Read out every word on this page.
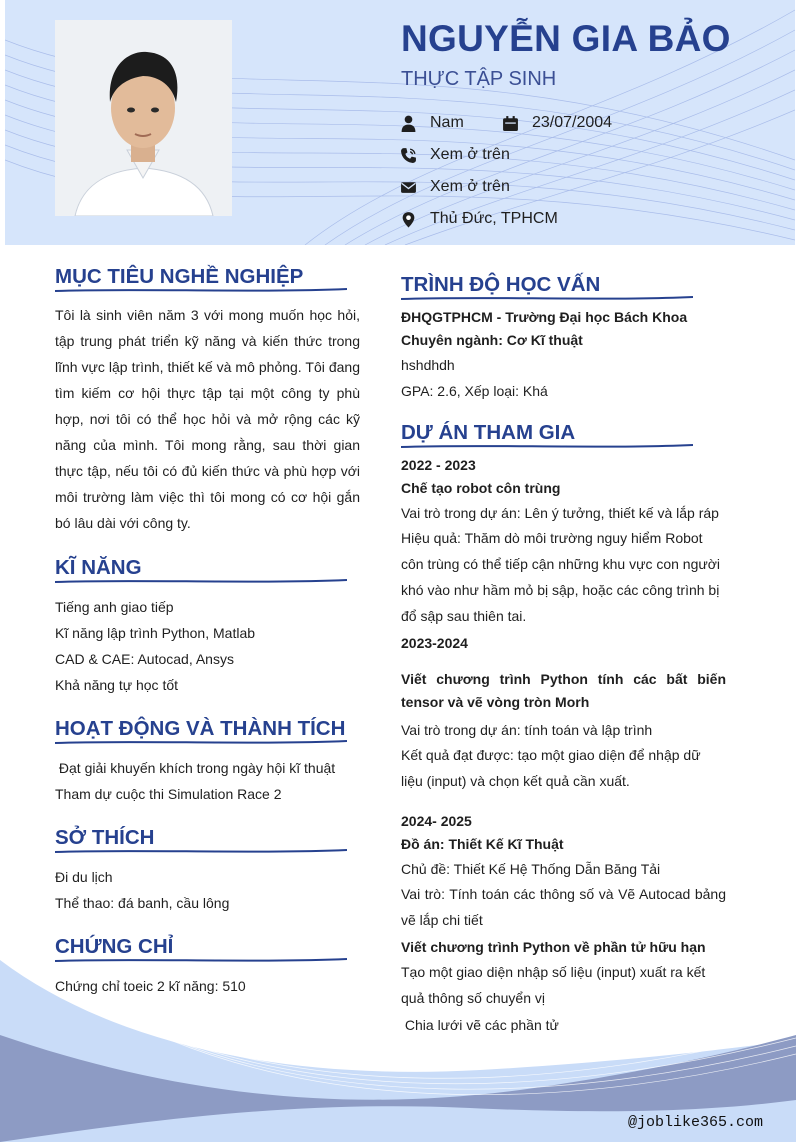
NGUYỄN GIA BẢO
THỰC TẬP SINH
Nam	23/07/2004
Xem ở trên
Xem ở trên
Thủ Đức, TPHCM
MỤC TIÊU NGHỀ NGHIỆP
Tôi là sinh viên năm 3 với mong muốn học hỏi, tập trung phát triển kỹ năng và kiến thức trong lĩnh vực lập trình, thiết kế và mô phỏng. Tôi đang tìm kiếm cơ hội thực tập tại một công ty phù hợp, nơi tôi có thể học hỏi và mở rộng các kỹ năng của mình. Tôi mong rằng, sau thời gian thực tập, nếu tôi có đủ kiến thức và phù hợp với môi trường làm việc thì tôi mong có cơ hội gắn bó lâu dài với công ty.
KĨ NĂNG
Tiếng anh giao tiếp
Kĩ năng lập trình Python, Matlab
CAD & CAE: Autocad, Ansys
Khả năng tự học tốt
HOẠT ĐỘNG VÀ THÀNH TÍCH
Đạt giải khuyến khích trong ngày hội kĩ thuật
Tham dự cuộc thi Simulation Race 2
SỞ THÍCH
Đi du lịch
Thể thao: đá banh, cầu lông
CHỨNG CHỈ
Chứng chỉ toeic 2 kĩ năng: 510
TRÌNH ĐỘ HỌC VẤN
ĐHQGTPHCM - Trường Đại học Bách Khoa
Chuyên ngành: Cơ Kĩ thuật
hshdhdh
GPA: 2.6, Xếp loại: Khá
DỰ ÁN THAM GIA
2022 - 2023
Chế tạo robot côn trùng
Vai trò trong dự án: Lên ý tưởng, thiết kế và lắp ráp
Hiệu quả: Thăm dò môi trường nguy hiểm Robot côn trùng có thể tiếp cận những khu vực con người khó vào như hầm mỏ bị sập, hoặc các công trình bị đổ sập sau thiên tai.
2023-2024
Viết chương trình Python tính các bất biến tensor và vẽ vòng tròn Morh
Vai trò trong dự án: tính toán và lập trình
Kết quả đạt được: tạo một giao diện để nhập dữ liệu (input) và chọn kết quả cần xuất.
2024- 2025
Đồ án: Thiết Kế Kĩ Thuật
Chủ đề: Thiết Kế Hệ Thống Dẫn Băng Tải
Vai trò: Tính toán các thông số và Vẽ Autocad bảng vẽ lắp chi tiết
Viết chương trình Python về phần tử hữu hạn
Tạo một giao diện nhập số liệu (input) xuất ra kết quả thông số chuyển vị
Chia lưới vẽ các phần tử
@joblike365.com
